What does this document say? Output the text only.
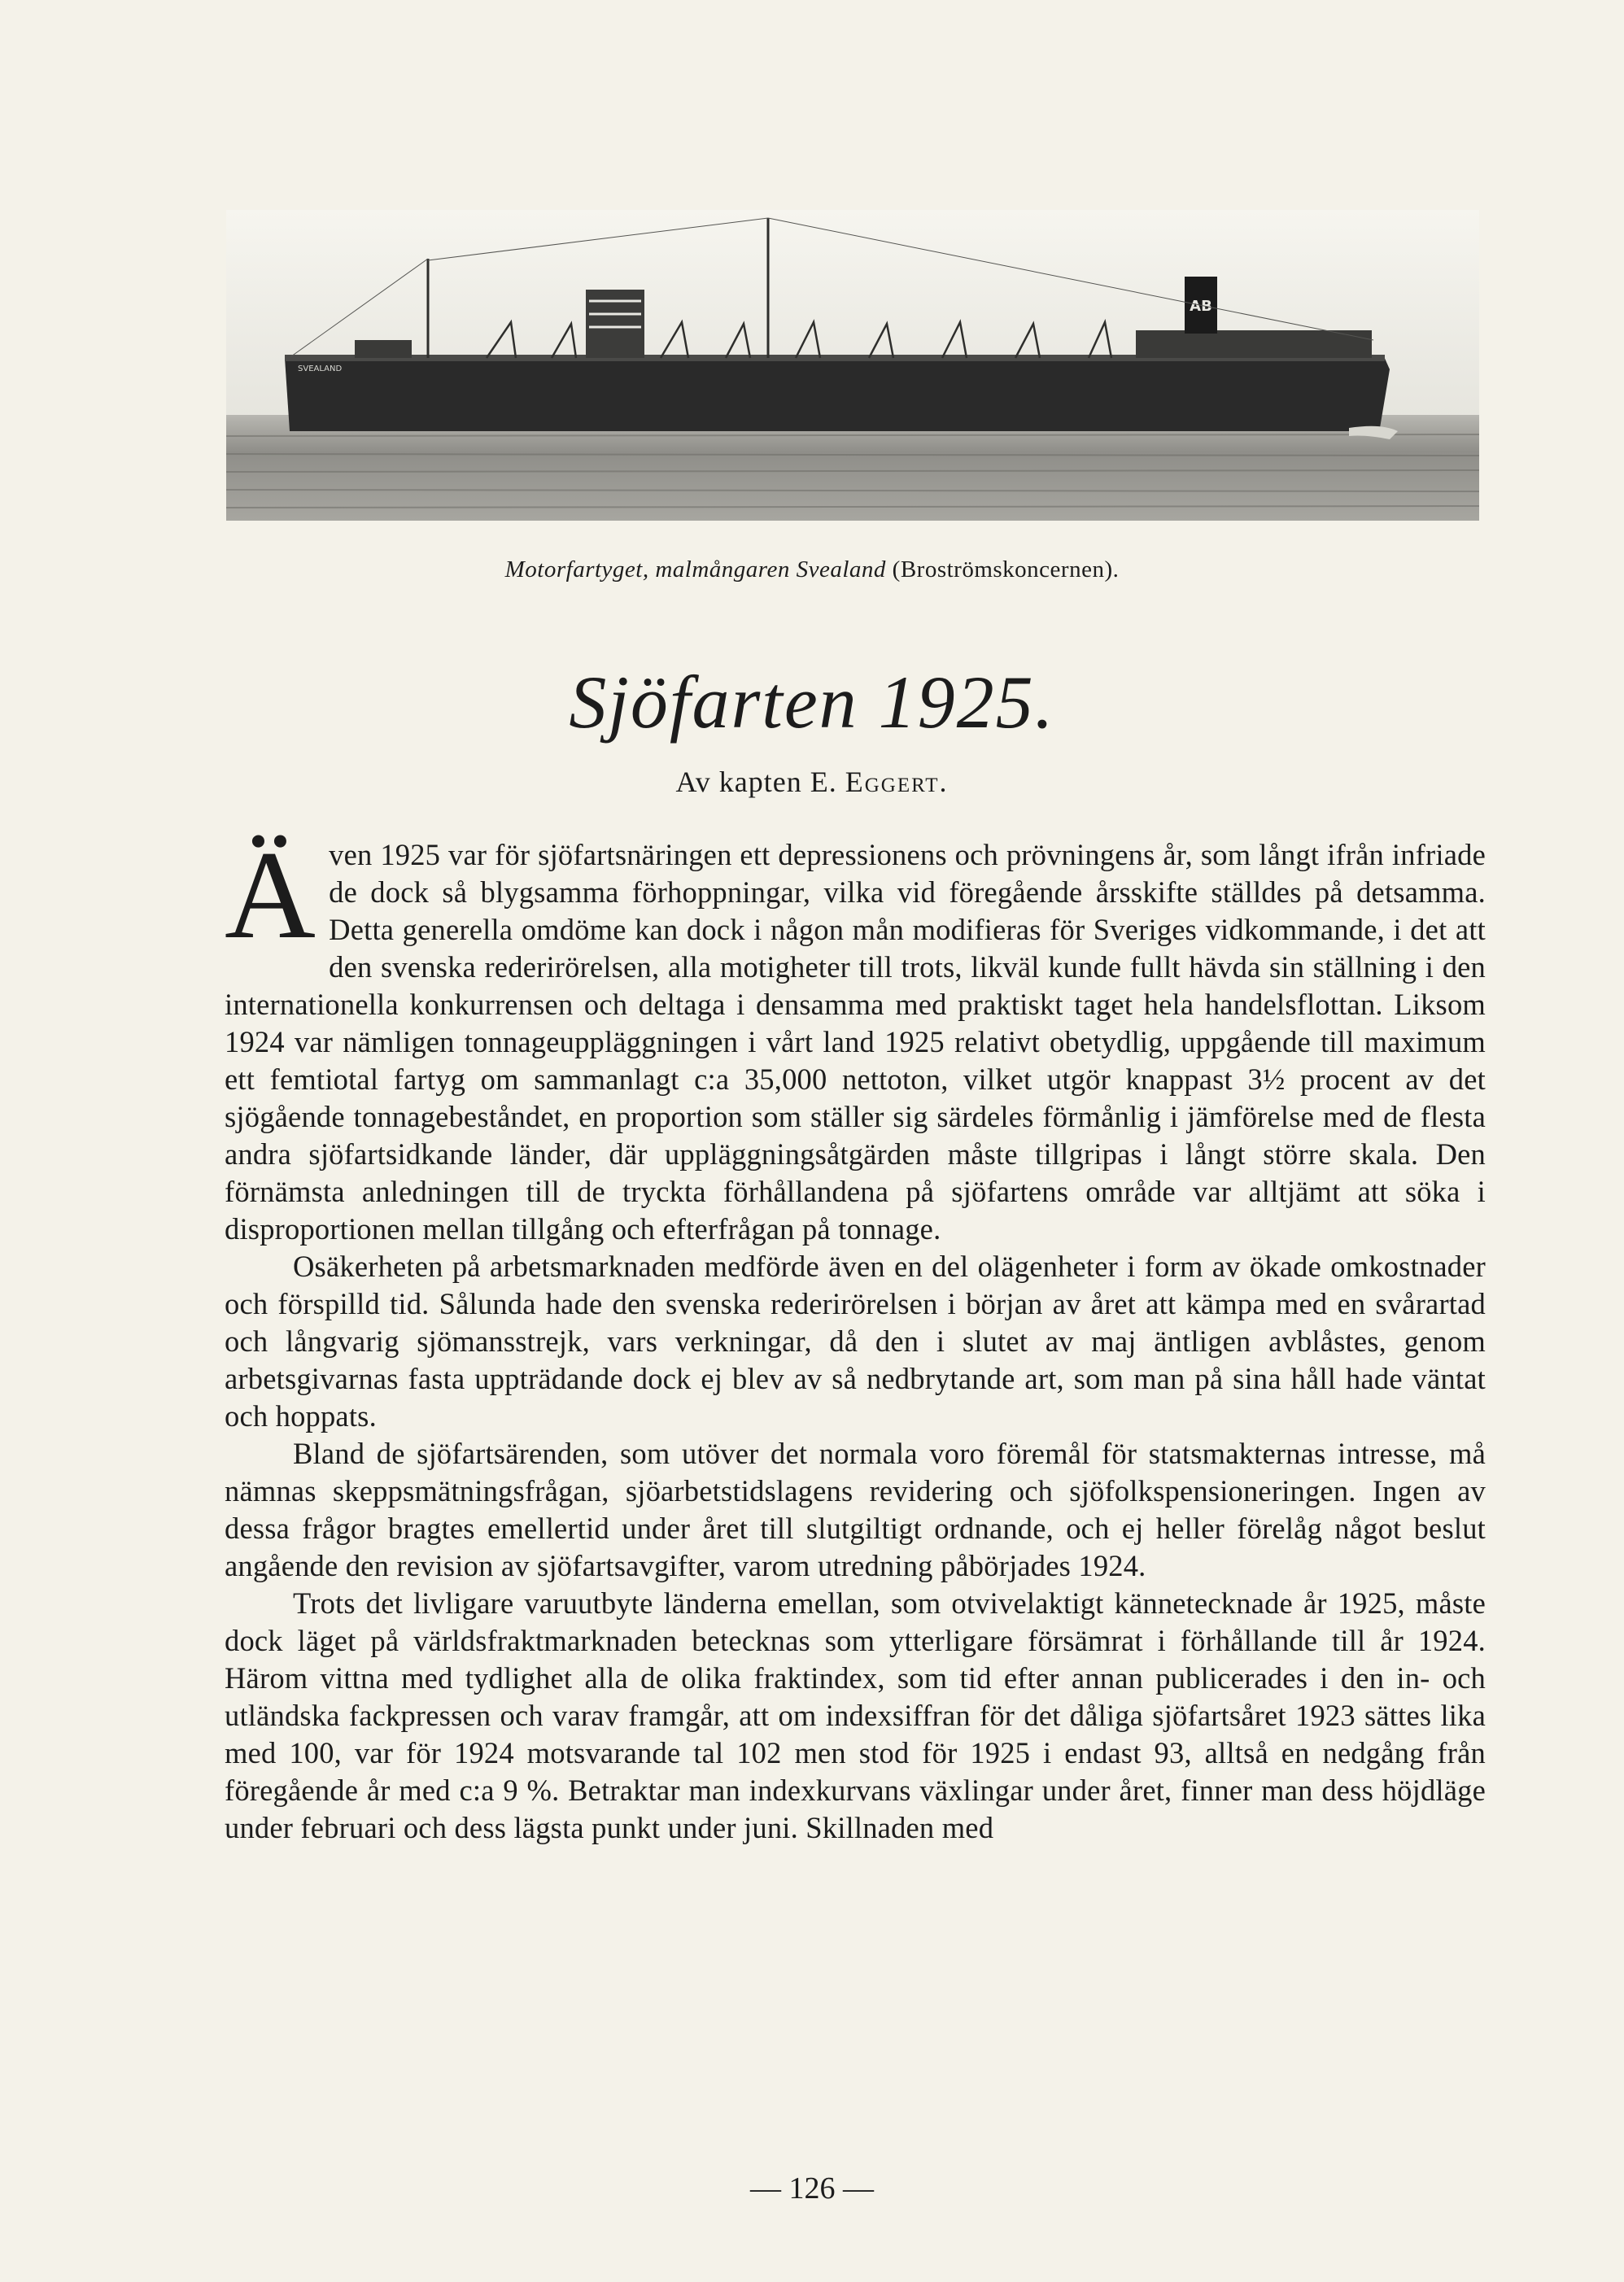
SVEALAND
AB
Motorfartyget, malmångaren Svealand (Broströmskoncernen).
Sjöfarten 1925.
Av kapten E. Eggert.

Även 1925 var för sjöfartsnäringen ett depressionens och prövningens år, som långt ifrån infriade de dock så blygsamma förhoppningar, vilka vid föregående årsskifte ställdes på detsamma. Detta generella omdöme kan dock i någon mån modifieras för Sveriges vidkommande, i det att den svenska rederirörelsen, alla motigheter till trots, likväl kunde fullt hävda sin ställning i den internationella konkurrensen och deltaga i densamma med praktiskt taget hela handelsflottan. Liksom 1924 var nämligen tonnageuppläggningen i vårt land 1925 relativt obetydlig, uppgående till maximum ett femtiotal fartyg om sammanlagt c:a 35,000 nettoton, vilket utgör knappast 3½ procent av det sjögående tonnagebeståndet, en proportion som ställer sig särdeles förmånlig i jämförelse med de flesta andra sjöfartsidkande länder, där uppläggningsåtgärden måste tillgripas i långt större skala. Den förnämsta anledningen till de tryckta förhållandena på sjöfartens område var alltjämt att söka i disproportionen mellan tillgång och efterfrågan på tonnage.

Osäkerheten på arbetsmarknaden medförde även en del olägenheter i form av ökade omkostnader och förspilld tid. Sålunda hade den svenska rederirörelsen i början av året att kämpa med en svårartad och långvarig sjömansstrejk, vars verkningar, då den i slutet av maj äntligen avblåstes, genom arbetsgivarnas fasta uppträdande dock ej blev av så nedbrytande art, som man på sina håll hade väntat och hoppats.

Bland de sjöfartsärenden, som utöver det normala voro föremål för statsmakternas intresse, må nämnas skeppsmätningsfrågan, sjöarbetstidslagens revidering och sjöfolkspensioneringen. Ingen av dessa frågor bragtes emellertid under året till slutgiltigt ordnande, och ej heller förelåg något beslut angående den revision av sjöfartsavgifter, varom utredning påbörjades 1924.

Trots det livligare varuutbyte länderna emellan, som otvivelaktigt kännetecknade år 1925, måste dock läget på världsfraktmarknaden betecknas som ytterligare försämrat i förhållande till år 1924. Härom vittna med tydlighet alla de olika fraktindex, som tid efter annan publicerades i den in- och utländska fackpressen och varav framgår, att om indexsiffran för det dåliga sjöfartsåret 1923 sättes lika med 100, var för 1924 motsvarande tal 102 men stod för 1925 i endast 93, alltså en nedgång från föregående år med c:a 9 %. Betraktar man indexkurvans växlingar under året, finner man dess höjdläge under februari och dess lägsta punkt under juni. Skillnaden med

— 126 —
